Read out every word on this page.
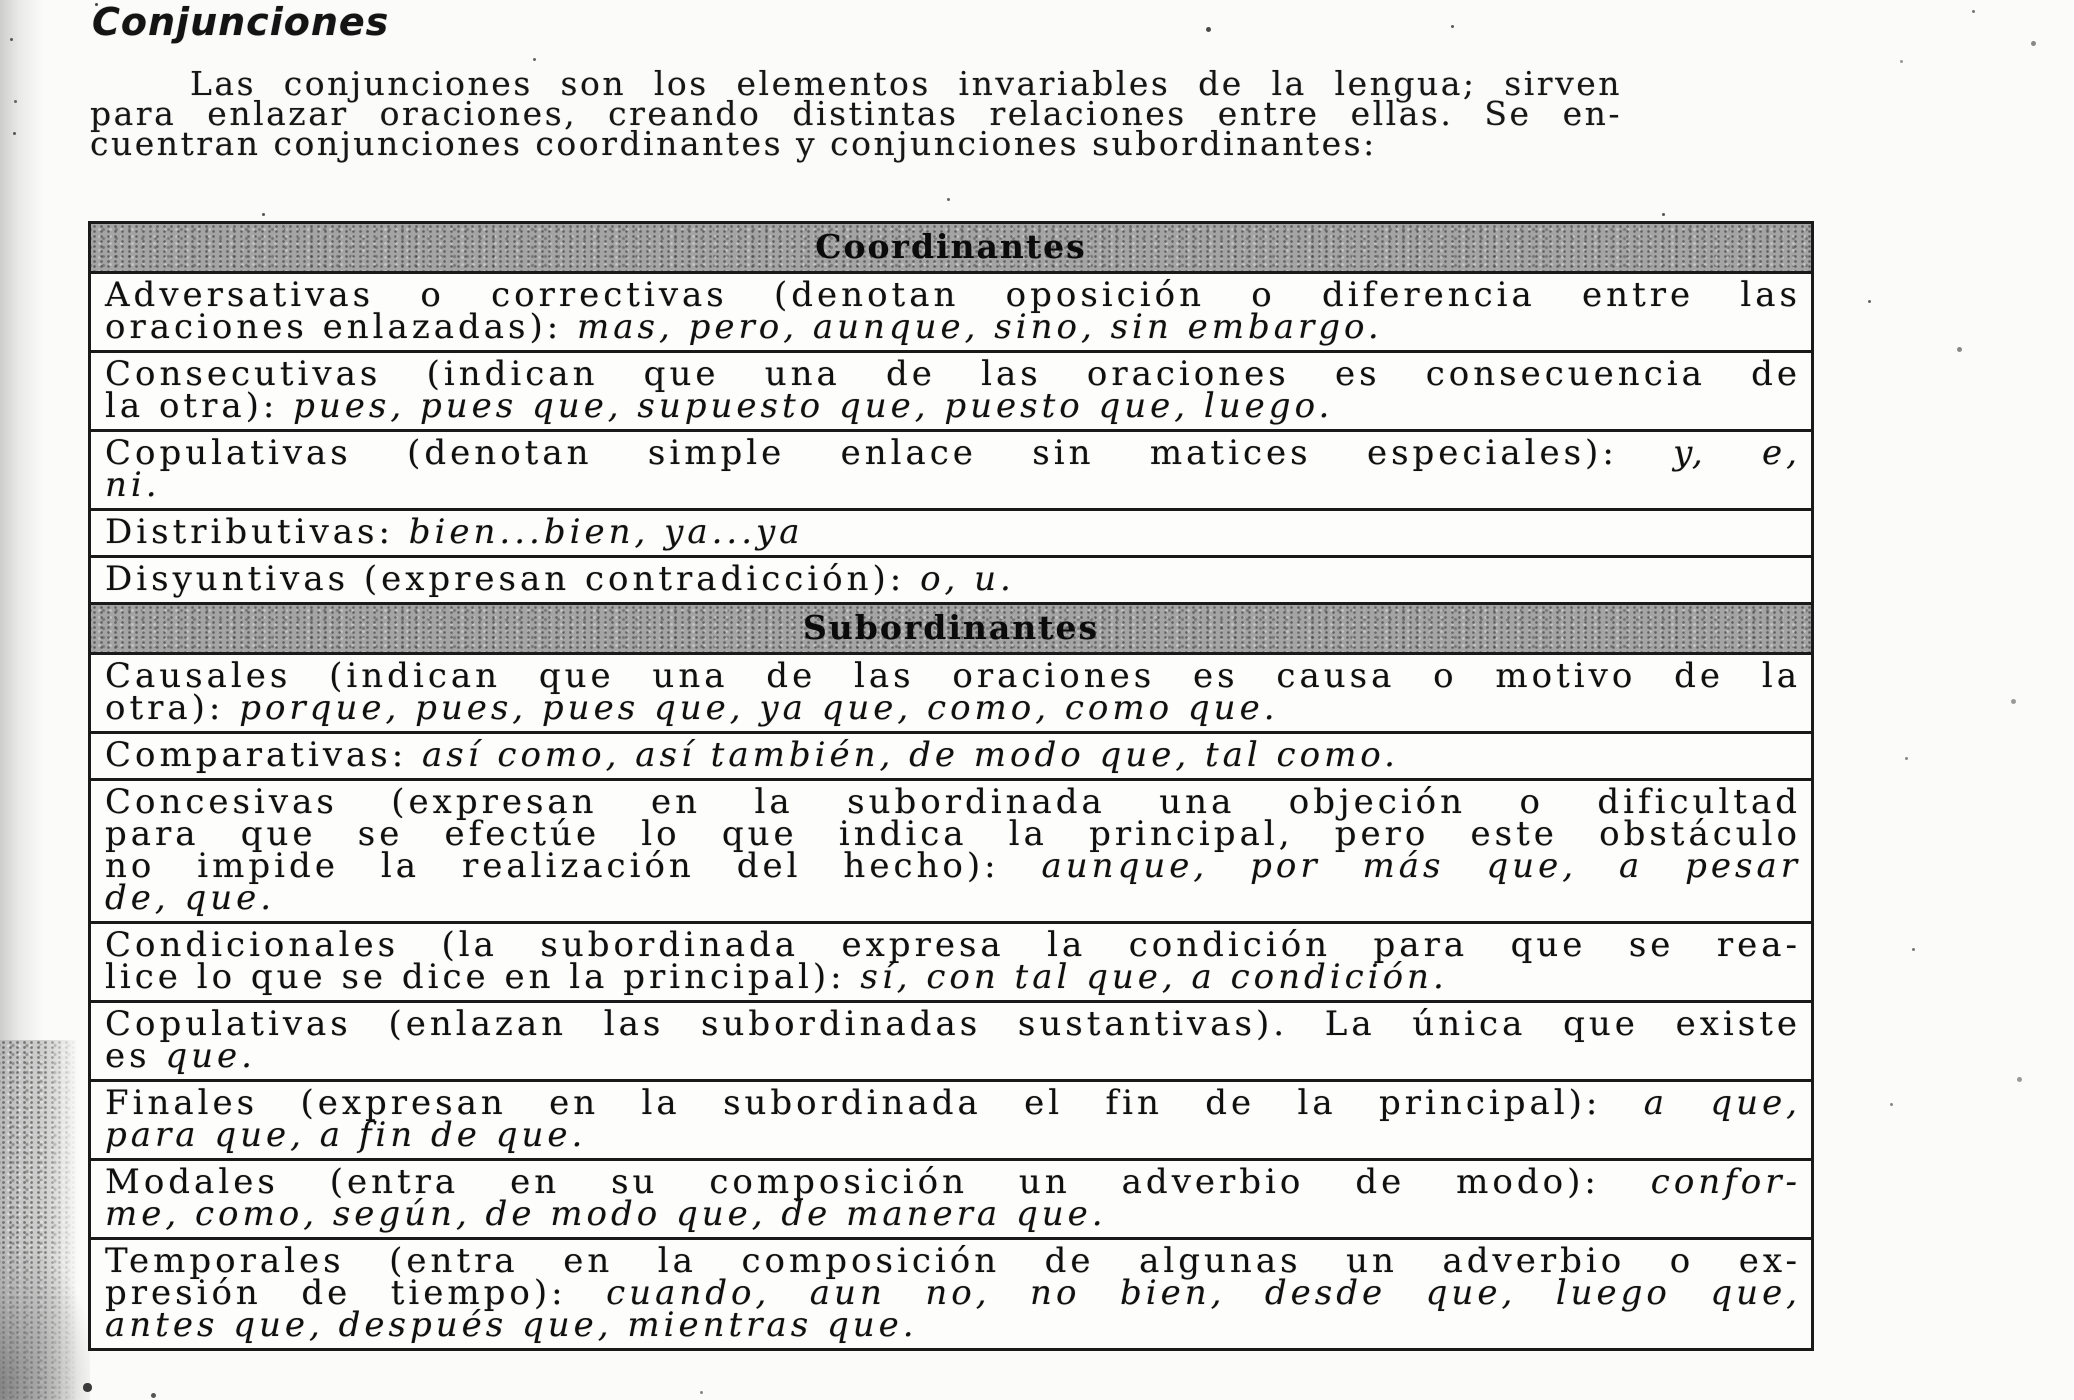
Conjunciones
Las conjunciones son los elementos invariables de la lengua; sirven
para enlazar oraciones, creando distintas relaciones entre ellas. Se en-
cuentran conjunciones coordinantes y conjunciones subordinantes:
Coordinantes
Adversativas o correctivas (denotan oposición o diferencia entre las
oraciones enlazadas): mas, pero, aunque, sino, sin embargo.
Consecutivas (indican que una de las oraciones es consecuencia de
la otra): pues, pues que, supuesto que, puesto que, luego.
Copulativas (denotan simple enlace sin matices especiales): y, e,
ni.
Distributivas: bien...bien, ya...ya
Disyuntivas (expresan contradicción): o, u.
Subordinantes
Causales (indican que una de las oraciones es causa o motivo de la
otra): porque, pues, pues que, ya que, como, como que.
Comparativas: así como, así también, de modo que, tal como.
Concesivas (expresan en la subordinada una objeción o dificultad
para que se efectúe lo que indica la principal, pero este obstáculo
no impide la realización del hecho): aunque, por más que, a pesar
de, que.
Condicionales (la subordinada expresa la condición para que se rea-
lice lo que se dice en la principal): sí, con tal que, a condición.
Copulativas (enlazan las subordinadas sustantivas). La única que existe
es que.
Finales (expresan en la subordinada el fin de la principal): a que,
para que, a fin de que.
Modales (entra en su composición un adverbio de modo): confor-
me, como, según, de modo que, de manera que.
Temporales (entra en la composición de algunas un adverbio o ex-
presión de tiempo): cuando, aun no, no bien, desde que, luego que,
antes que, después que, mientras que.
